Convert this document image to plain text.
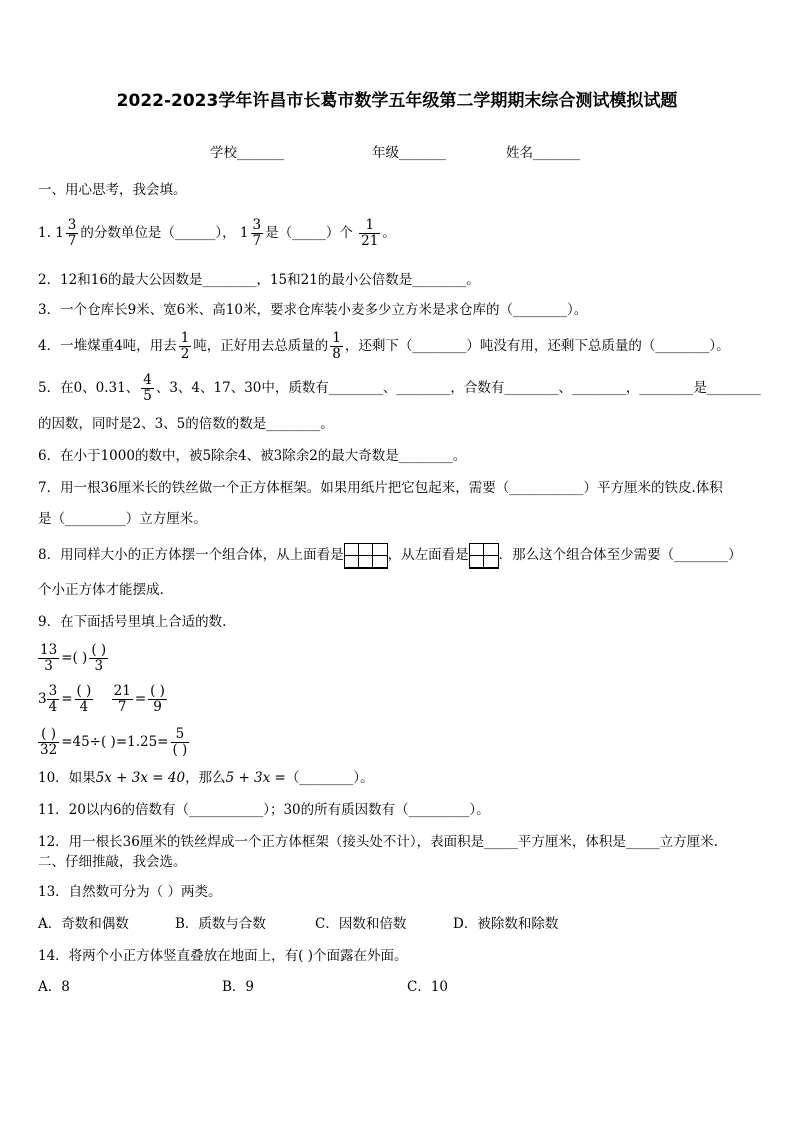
2022-2023学年许昌市长葛市数学五年级第二学期期末综合测试模拟试题
学校_______	年级_______	姓名_______
一、用心思考，我会填。
1. $1 \frac{3}{7}$ 的分数单位是（______）， $1 \frac{3}{7}$ 是（_____）个 $\frac{1}{21}$ 。
2．12和16的最大公因数是________，15和21的最小公倍数是________。
3．一个仓库长9米、宽6米、高10米，要求仓库装小麦多少立方米是求仓库的（________）。
4．一堆煤重4吨，用去 $\frac{1}{2}$ 吨，正好用去总质量的 $\frac{1}{8}$ ，还剩下（________）吨没有用，还剩下总质量的（________）。
5．在0、0.31、 $\frac{4}{5}$ 、3、4、17、30中，质数有________、________，合数有________、________，________是________
的因数，同时是2、3、5的倍数的数是________。
6．在小于1000的数中，被5除余4、被3除余2的最大奇数是________。
7．用一根36厘米长的铁丝做一个正方体框架。如果用纸片把它包起来，需要（___________）平方厘米的铁皮.体积
是（_________）立方厘米。
8．用同样大小的正方体摆一个组合体，从上面看是	，从左面看是 ．那么这个组合体至少需要（________）
个小正方体才能摆成.
9．在下面括号里填上合适的数.
$\frac{13}{3}$ =( ) $\frac{( )}{3}$
$3 \frac{3}{4} = \frac{( )}{4}$
$\frac{21}{7} = \frac{( )}{9}$
$\frac{( )}{32} =45\div$( )$=1.25= \frac{5}{( )}$
10．如果5x + 3x = 40，那么5 + 3x =（________）。
11．20以内6的倍数有（___________）；30的所有质因数有（_________）。
12．用一根长36厘米的铁丝焊成一个正方体框架（接头处不计），表面积是_____平方厘米，体积是_____立方厘米.
二、仔细推敲，我会选。
13．自然数可分为（ ）两类。
A．奇数和偶数	B．质数与合数	C．因数和倍数	D．被除数和除数
14．将两个小正方体竖直叠放在地面上，有( )个面露在外面。
A．8	B．9	C．10
